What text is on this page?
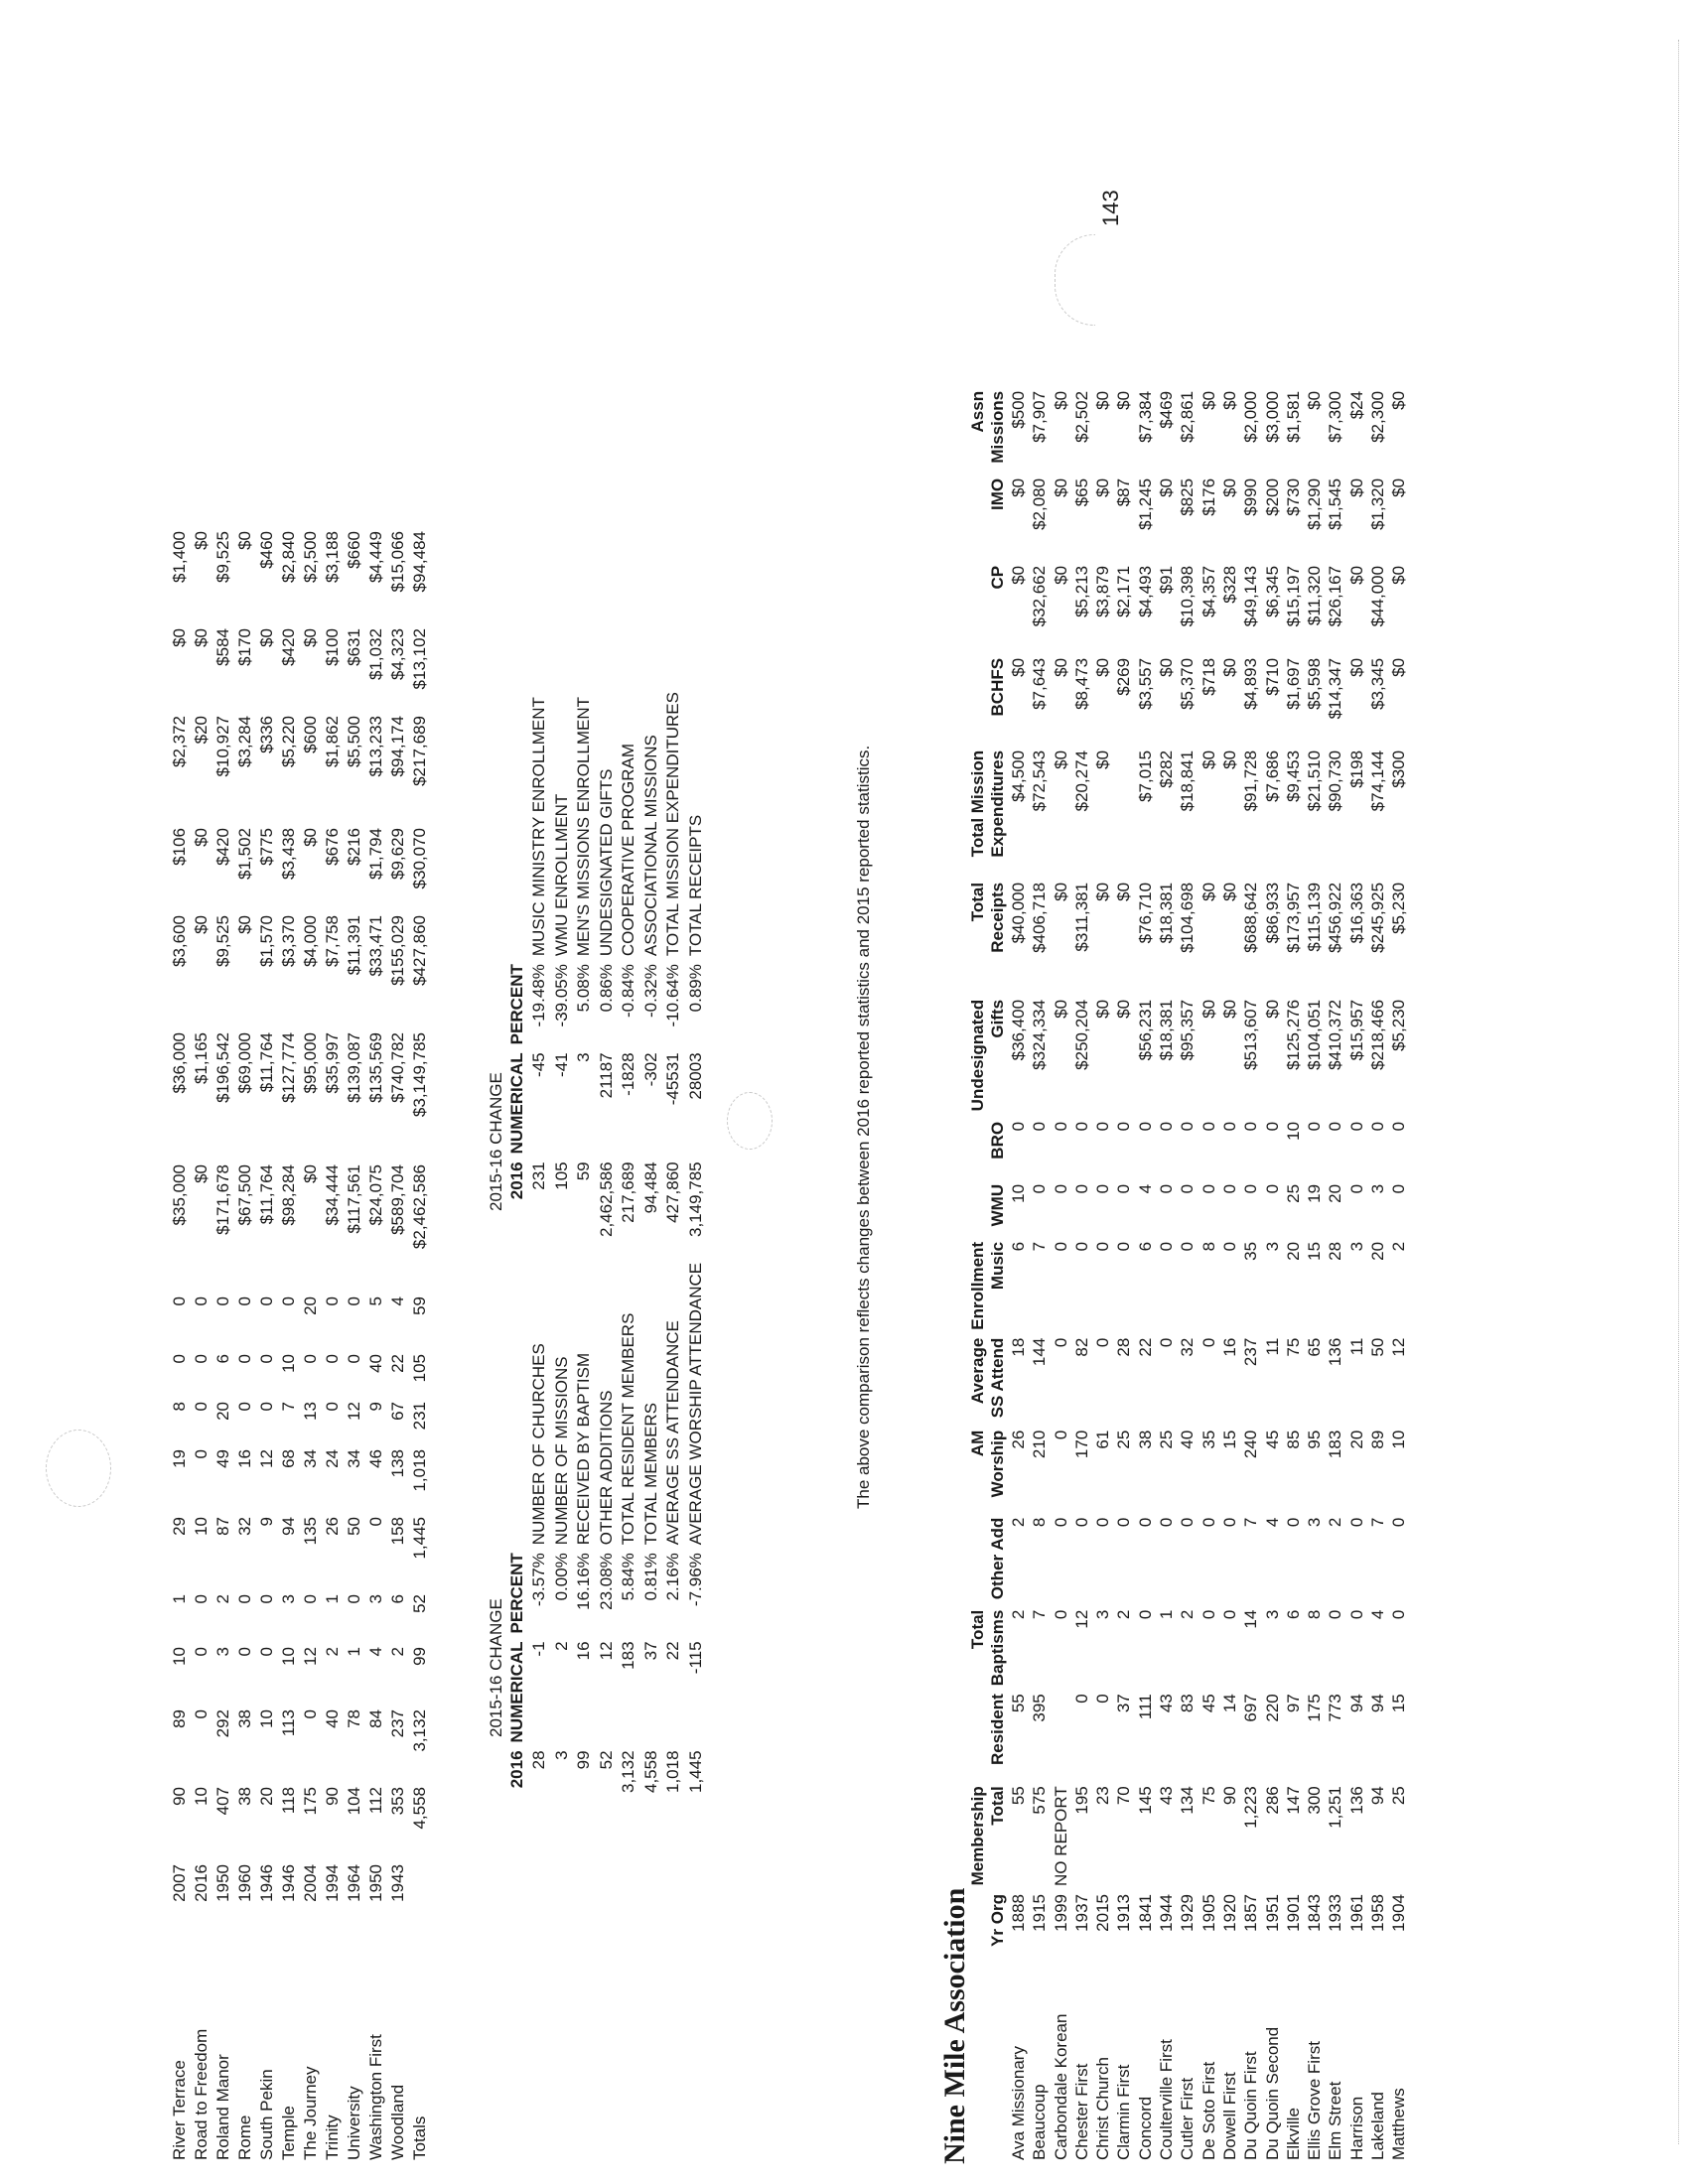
143
River Terrace	2007	90	89	10	1	29	19	8	0	0	$35,000	$36,000	$3,600	$106	$2,372	$0	$1,400
Road to Freedom	2016	10	0	0	0	10	0	0	0	0	$0	$1,165	$0	$0	$20	$0	$0
Roland Manor	1950	407	292	3	2	87	49	20	6	0	$171,678	$196,542	$9,525	$420	$10,927	$584	$9,525
Rome	1960	38	38	0	0	32	16	0	0	0	$67,500	$69,000	$0	$1,502	$3,284	$170	$0
South Pekin	1946	20	10	0	0	9	12	0	0	0	$11,764	$11,764	$1,570	$775	$336	$0	$460
Temple	1946	118	113	10	3	94	68	7	10	0	$98,284	$127,774	$3,370	$3,438	$5,220	$420	$2,840
The Journey	2004	175	0	12	0	135	34	13	0	20	$0	$95,000	$4,000	$0	$600	$0	$2,500
Trinity	1994	90	40	2	1	26	24	0	0	0	$34,444	$35,997	$7,758	$676	$1,862	$100	$3,188
University	1964	104	78	1	0	50	34	12	0	0	$117,561	$139,087	$11,391	$216	$5,500	$631	$660
Washington First	1950	112	84	4	3	0	46	9	40	5	$24,075	$135,569	$33,471	$1,794	$13,233	$1,032	$4,449
Woodland	1943	353	237	2	6	158	138	67	22	4	$589,704	$740,782	$155,029	$9,629	$94,174	$4,323	$15,066
Totals		4,558	3,132	99	52	1,445	1,018	231	105	59	$2,462,586	$3,149,785	$427,860	$30,070	$217,689	$13,102	$94,484
2015-16 CHANGE
2016	NUMERICAL	PERCENT	
28	-1	-3.57%	NUMBER OF CHURCHES
3	2	0.00%	NUMBER OF MISSIONS
99	16	16.16%	RECEIVED BY BAPTISM
52	12	23.08%	OTHER ADDITIONS
3,132	183	5.84%	TOTAL RESIDENT MEMBERS
4,558	37	0.81%	TOTAL MEMBERS
1,018	22	2.16%	AVERAGE SS ATTENDANCE
1,445	-115	-7.96%	AVERAGE WORSHIP ATTENDANCE
2015-16 CHANGE 2016	NUMERICAL	PERCENT	
231	-45	-19.48%	MUSIC MINISTRY ENROLLMENT
105	-41	-39.05%	WMU ENROLLMENT
59	3	5.08%	MEN'S MISSIONS ENROLLMENT
2,462,586	21187	0.86%	UNDESIGNATED GIFTS
217,689	-1828	-0.84%	COOPERATIVE PROGRAM
94,484	-302	-0.32%	ASSOCIATIONAL MISSIONS
427,860	-45531	-10.64%	TOTAL MISSION EXPENDITURES
3,149,785	28003	0.89%	TOTAL RECEIPTS	The above comparison reflects changes between 2016 reported statistics and 2015 reported statistics.
Nine Mile Association
		Membership		Total		AM	Average	Enrollment			Undesignated	Total	Total Mission				Assn
	Yr Org	Total	Resident	Baptisms	Other Add	Worship	SS Attend	Music	WMU	BRO	Gifts	Receipts	Expenditures	BCHFS	CP	IMO	Missions
Ava Missionary	1888	55	55	2	2	26	18	6	10	0	$36,400	$40,000	$4,500	$0	$0	$0	$500
Beaucoup	1915	575	395	7	8	210	144	7	0	0	$324,334	$406,718	$72,543	$7,643	$32,662	$2,080	$7,907
Carbondale Korean	1999	NO REPORT		0	0	0	0	0	0	0	$0	$0	$0	$0	$0	$0	$0
Chester First	1937	195	0	12	0	170	82	0	0	0	$250,204	$311,381	$20,274	$8,473	$5,213	$65	$2,502
Christ Church	2015	23	0	3	0	61	0	0	0	0	$0	$0	$0	$0	$3,879	$0	$0
Clarmin First	1913	70	37	2	0	25	28	0	0	0	$0	$0		$269	$2,171	$87	$0
Concord	1841	145	111	0	0	38	22	6	4	0	$56,231	$76,710	$7,015	$3,557	$4,493	$1,245	$7,384
Coulterville First	1944	43	43	1	0	25	0	0	0	0	$18,381	$18,381	$282	$0	$91	$0	$469
Cutler First	1929	134	83	2	0	40	32	0	0	0	$95,357	$104,698	$18,841	$5,370	$10,398	$825	$2,861
De Soto First	1905	75	45	0	0	35	0	8	0	0	$0	$0	$0	$718	$4,357	$176	$0
Dowell First	1920	90	14	0	0	15	16	0	0	0	$0	$0	$0	$0	$328	$0	$0
Du Quoin First	1857	1,223	697	14	7	240	237	35	0	0	$513,607	$688,642	$91,728	$4,893	$49,143	$990	$2,000
Du Quoin Second	1951	286	220	3	4	45	11	3	0	0	$0	$86,933	$7,686	$710	$6,345	$200	$3,000
Elkville	1901	147	97	6	0	85	75	20	25	10	$125,276	$173,957	$9,453	$1,697	$15,197	$730	$1,581
Ellis Grove First	1843	300	175	8	3	95	65	15	19	0	$104,051	$115,139	$21,510	$5,598	$11,320	$1,290	$0
Elm Street	1933	1,251	773	0	2	183	136	28	20	0	$410,372	$456,922	$90,730	$14,347	$26,167	$1,545	$7,300
Harrison	1961	136	94	0	0	20	11	3	0	0	$15,957	$16,363	$198	$0	$0	$0	$24
Lakeland	1958	94	94	4	7	89	50	20	3	0	$218,466	$245,925	$74,144	$3,345	$44,000	$1,320	$2,300
Matthews	1904	25	15	0	0	10	12	2	0	0	$5,230	$5,230	$300	$0	$0	$0	$0
